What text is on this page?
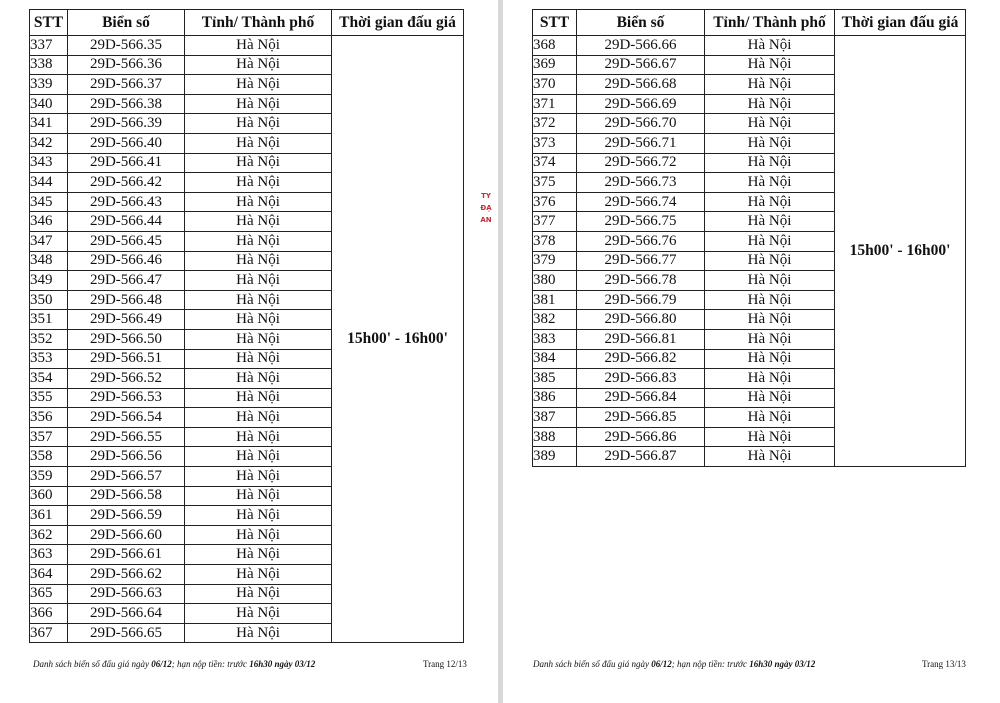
STT	Biển số	Tỉnh/ Thành phố	Thời gian đấu giá
337	29D-566.35	Hà Nội	15h00' - 16h00'
338	29D-566.36	Hà Nội	
339	29D-566.37	Hà Nội	
340	29D-566.38	Hà Nội	
341	29D-566.39	Hà Nội	
342	29D-566.40	Hà Nội	
343	29D-566.41	Hà Nội	
344	29D-566.42	Hà Nội	
345	29D-566.43	Hà Nội	
346	29D-566.44	Hà Nội	
347	29D-566.45	Hà Nội	
348	29D-566.46	Hà Nội	
349	29D-566.47	Hà Nội	
350	29D-566.48	Hà Nội	
351	29D-566.49	Hà Nội	
352	29D-566.50	Hà Nội	
353	29D-566.51	Hà Nội	
354	29D-566.52	Hà Nội	
355	29D-566.53	Hà Nội	
356	29D-566.54	Hà Nội	
357	29D-566.55	Hà Nội	
358	29D-566.56	Hà Nội	
359	29D-566.57	Hà Nội	
360	29D-566.58	Hà Nội	
361	29D-566.59	Hà Nội	
362	29D-566.60	Hà Nội	
363	29D-566.61	Hà Nội	
364	29D-566.62	Hà Nội	
365	29D-566.63	Hà Nội	
366	29D-566.64	Hà Nội	
367	29D-566.65	Hà Nội	
Danh sách biển số đấu giá ngày 06/12; hạn nộp tiền: trước 16h30 ngày 03/12	Trang 12/13
STT	Biển số	Tỉnh/ Thành phố	Thời gian đấu giá
368	29D-566.66	Hà Nội	15h00' - 16h00'
369	29D-566.67	Hà Nội	
370	29D-566.68	Hà Nội	
371	29D-566.69	Hà Nội	
372	29D-566.70	Hà Nội	
373	29D-566.71	Hà Nội	
374	29D-566.72	Hà Nội	
375	29D-566.73	Hà Nội	
376	29D-566.74	Hà Nội	
377	29D-566.75	Hà Nội	
378	29D-566.76	Hà Nội	
379	29D-566.77	Hà Nội	
380	29D-566.78	Hà Nội	
381	29D-566.79	Hà Nội	
382	29D-566.80	Hà Nội	
383	29D-566.81	Hà Nội	
384	29D-566.82	Hà Nội	
385	29D-566.83	Hà Nội	
386	29D-566.84	Hà Nội	
387	29D-566.85	Hà Nội	
388	29D-566.86	Hà Nội	
389	29D-566.87	Hà Nội	
Danh sách biển số đấu giá ngày 06/12; hạn nộp tiền: trước 16h30 ngày 03/12	Trang 13/13
TY
ĐẠ
AN
